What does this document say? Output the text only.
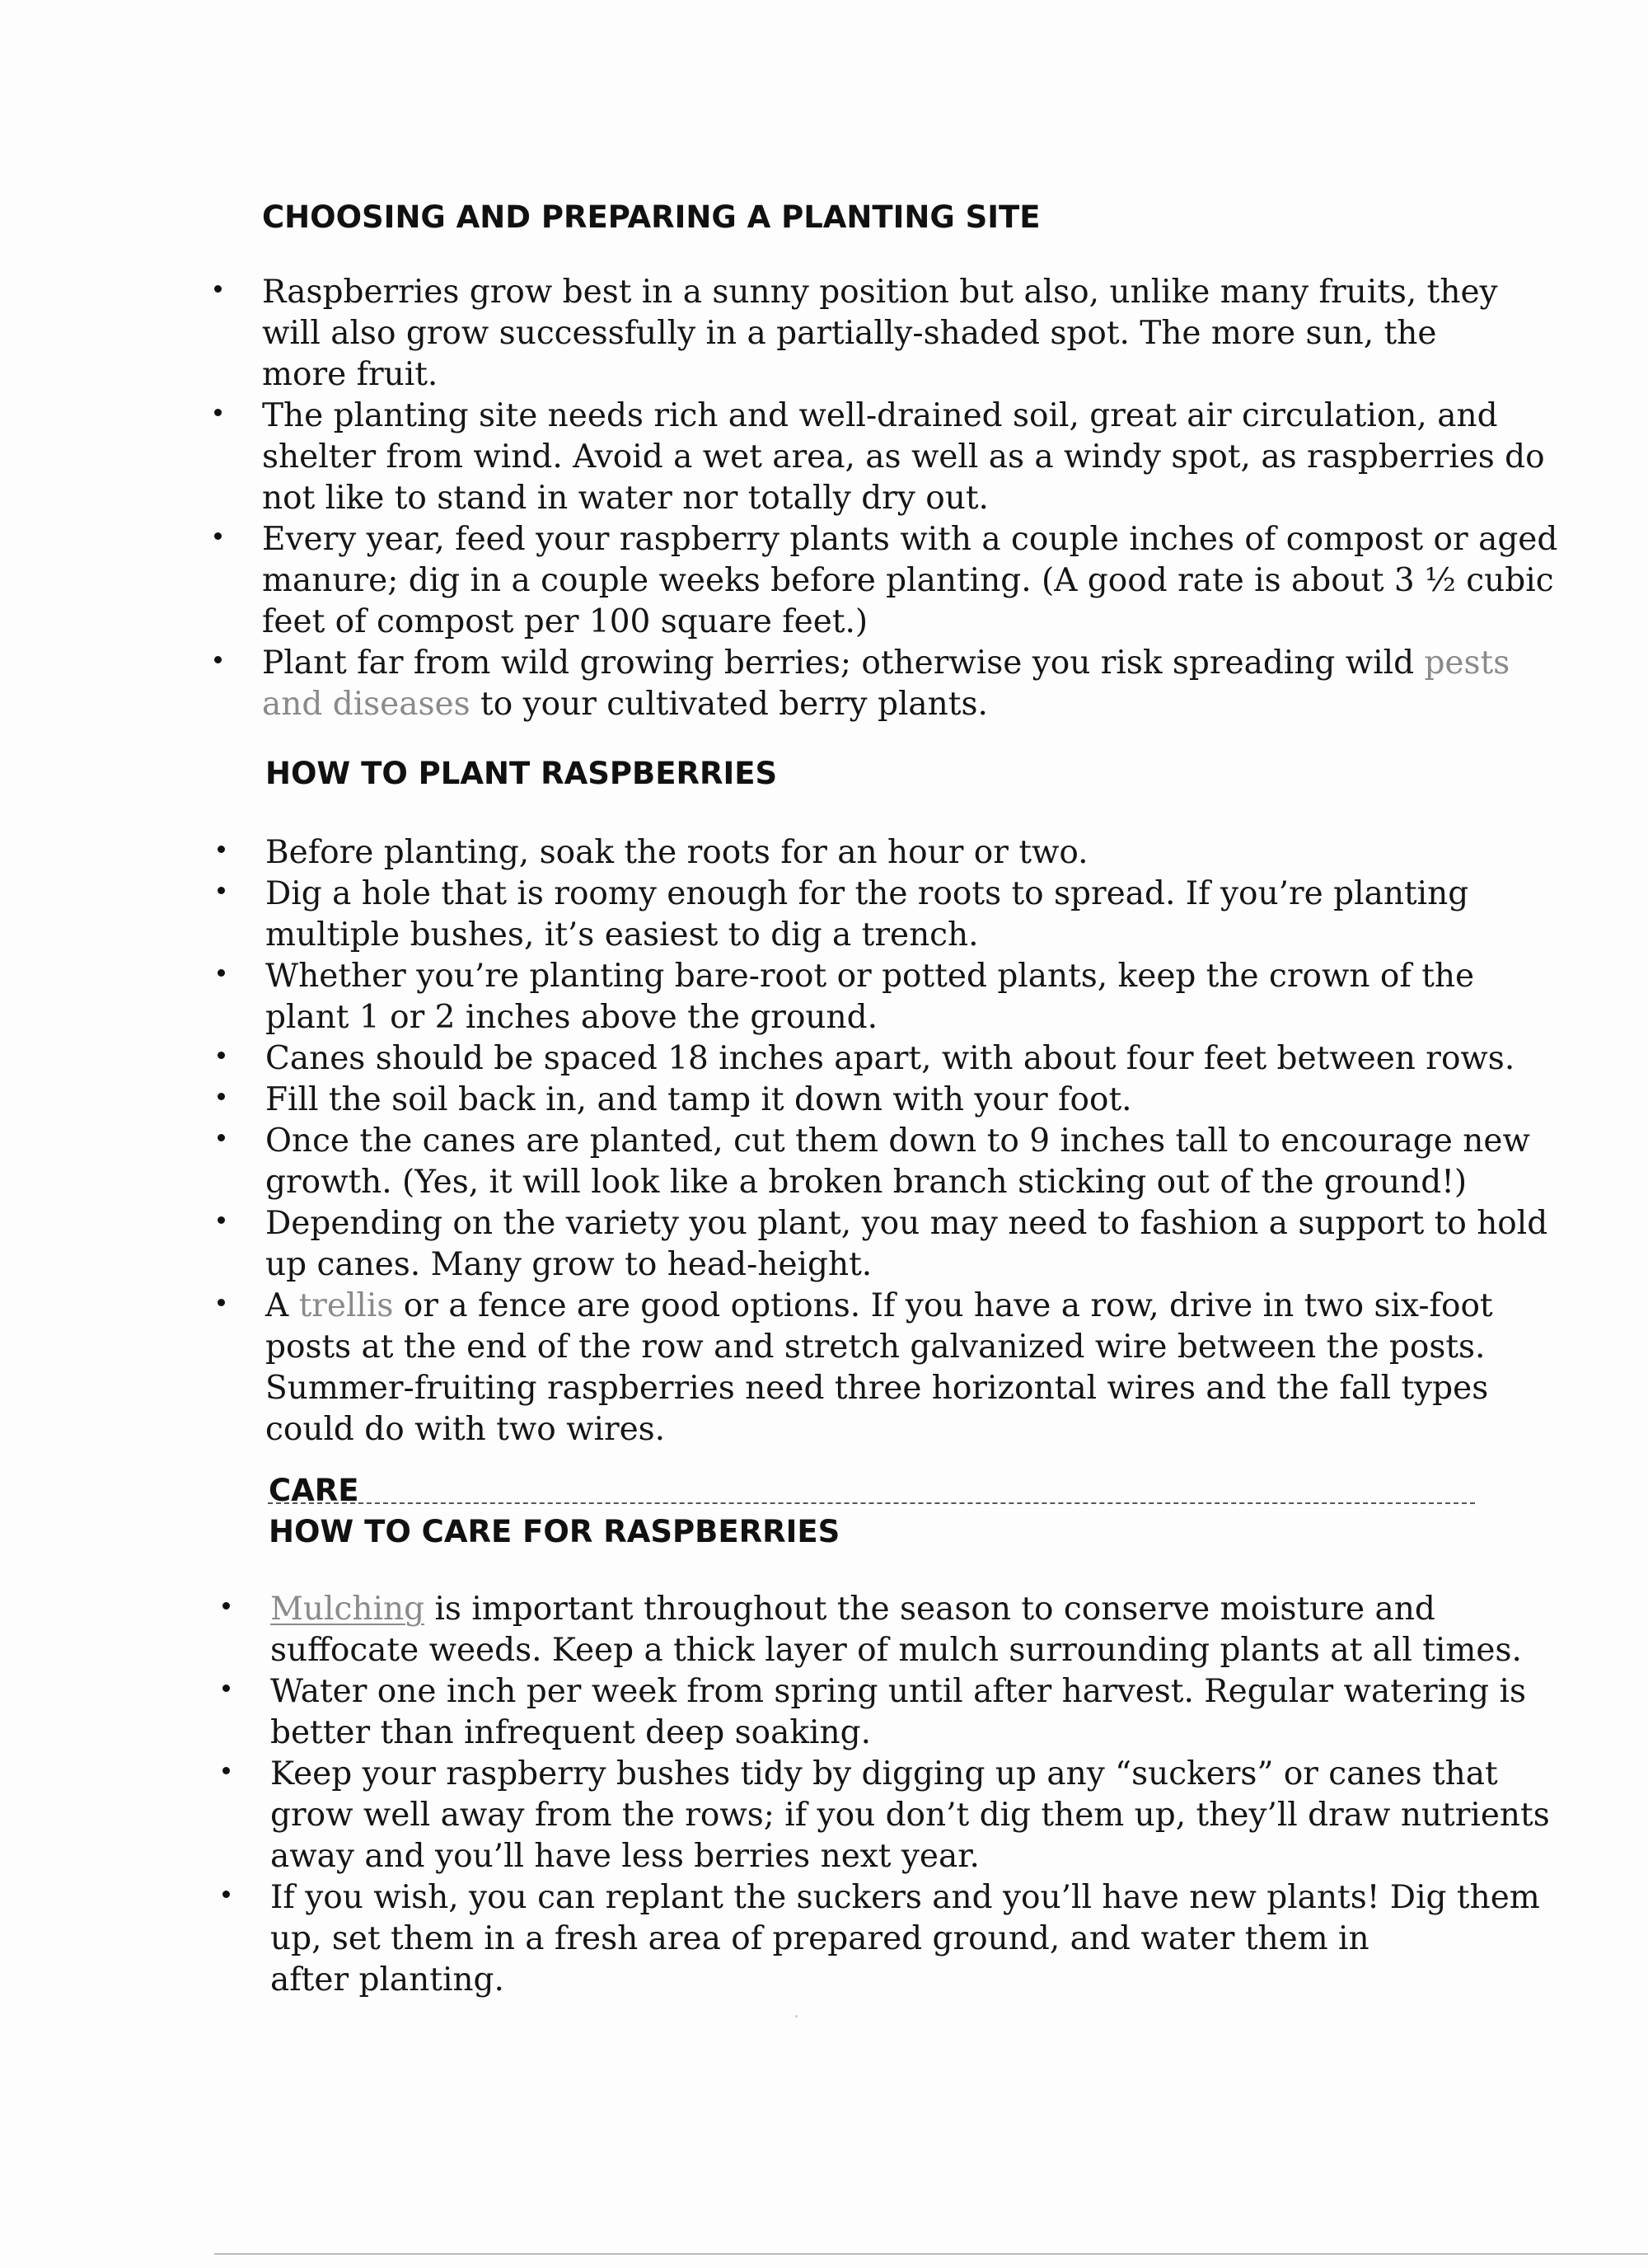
CHOOSING AND PREPARING A PLANTING SITE
Raspberries grow best in a sunny position but also, unlike many fruits, they
will also grow successfully in a partially-shaded spot. The more sun, the
more fruit.
The planting site needs rich and well-drained soil, great air circulation, and
shelter from wind. Avoid a wet area, as well as a windy spot, as raspberries do
not like to stand in water nor totally dry out.
Every year, feed your raspberry plants with a couple inches of compost or aged
manure; dig in a couple weeks before planting. (A good rate is about 3 ½ cubic
feet of compost per 100 square feet.)
Plant far from wild growing berries; otherwise you risk spreading wild pests
and diseases to your cultivated berry plants.
HOW TO PLANT RASPBERRIES
Before planting, soak the roots for an hour or two.
Dig a hole that is roomy enough for the roots to spread. If you’re planting
multiple bushes, it’s easiest to dig a trench.
Whether you’re planting bare-root or potted plants, keep the crown of the
plant 1 or 2 inches above the ground.
Canes should be spaced 18 inches apart, with about four feet between rows.
Fill the soil back in, and tamp it down with your foot.
Once the canes are planted, cut them down to 9 inches tall to encourage new
growth. (Yes, it will look like a broken branch sticking out of the ground!)
Depending on the variety you plant, you may need to fashion a support to hold
up canes. Many grow to head-height.
A trellis or a fence are good options. If you have a row, drive in two six-foot
posts at the end of the row and stretch galvanized wire between the posts.
Summer-fruiting raspberries need three horizontal wires and the fall types
could do with two wires.
CARE
HOW TO CARE FOR RASPBERRIES
Mulching is important throughout the season to conserve moisture and
suffocate weeds. Keep a thick layer of mulch surrounding plants at all times.
Water one inch per week from spring until after harvest. Regular watering is
better than infrequent deep soaking.
Keep your raspberry bushes tidy by digging up any “suckers” or canes that
grow well away from the rows; if you don’t dig them up, they’ll draw nutrients
away and you’ll have less berries next year.
If you wish, you can replant the suckers and you’ll have new plants! Dig them
up, set them in a fresh area of prepared ground, and water them in
after planting.
